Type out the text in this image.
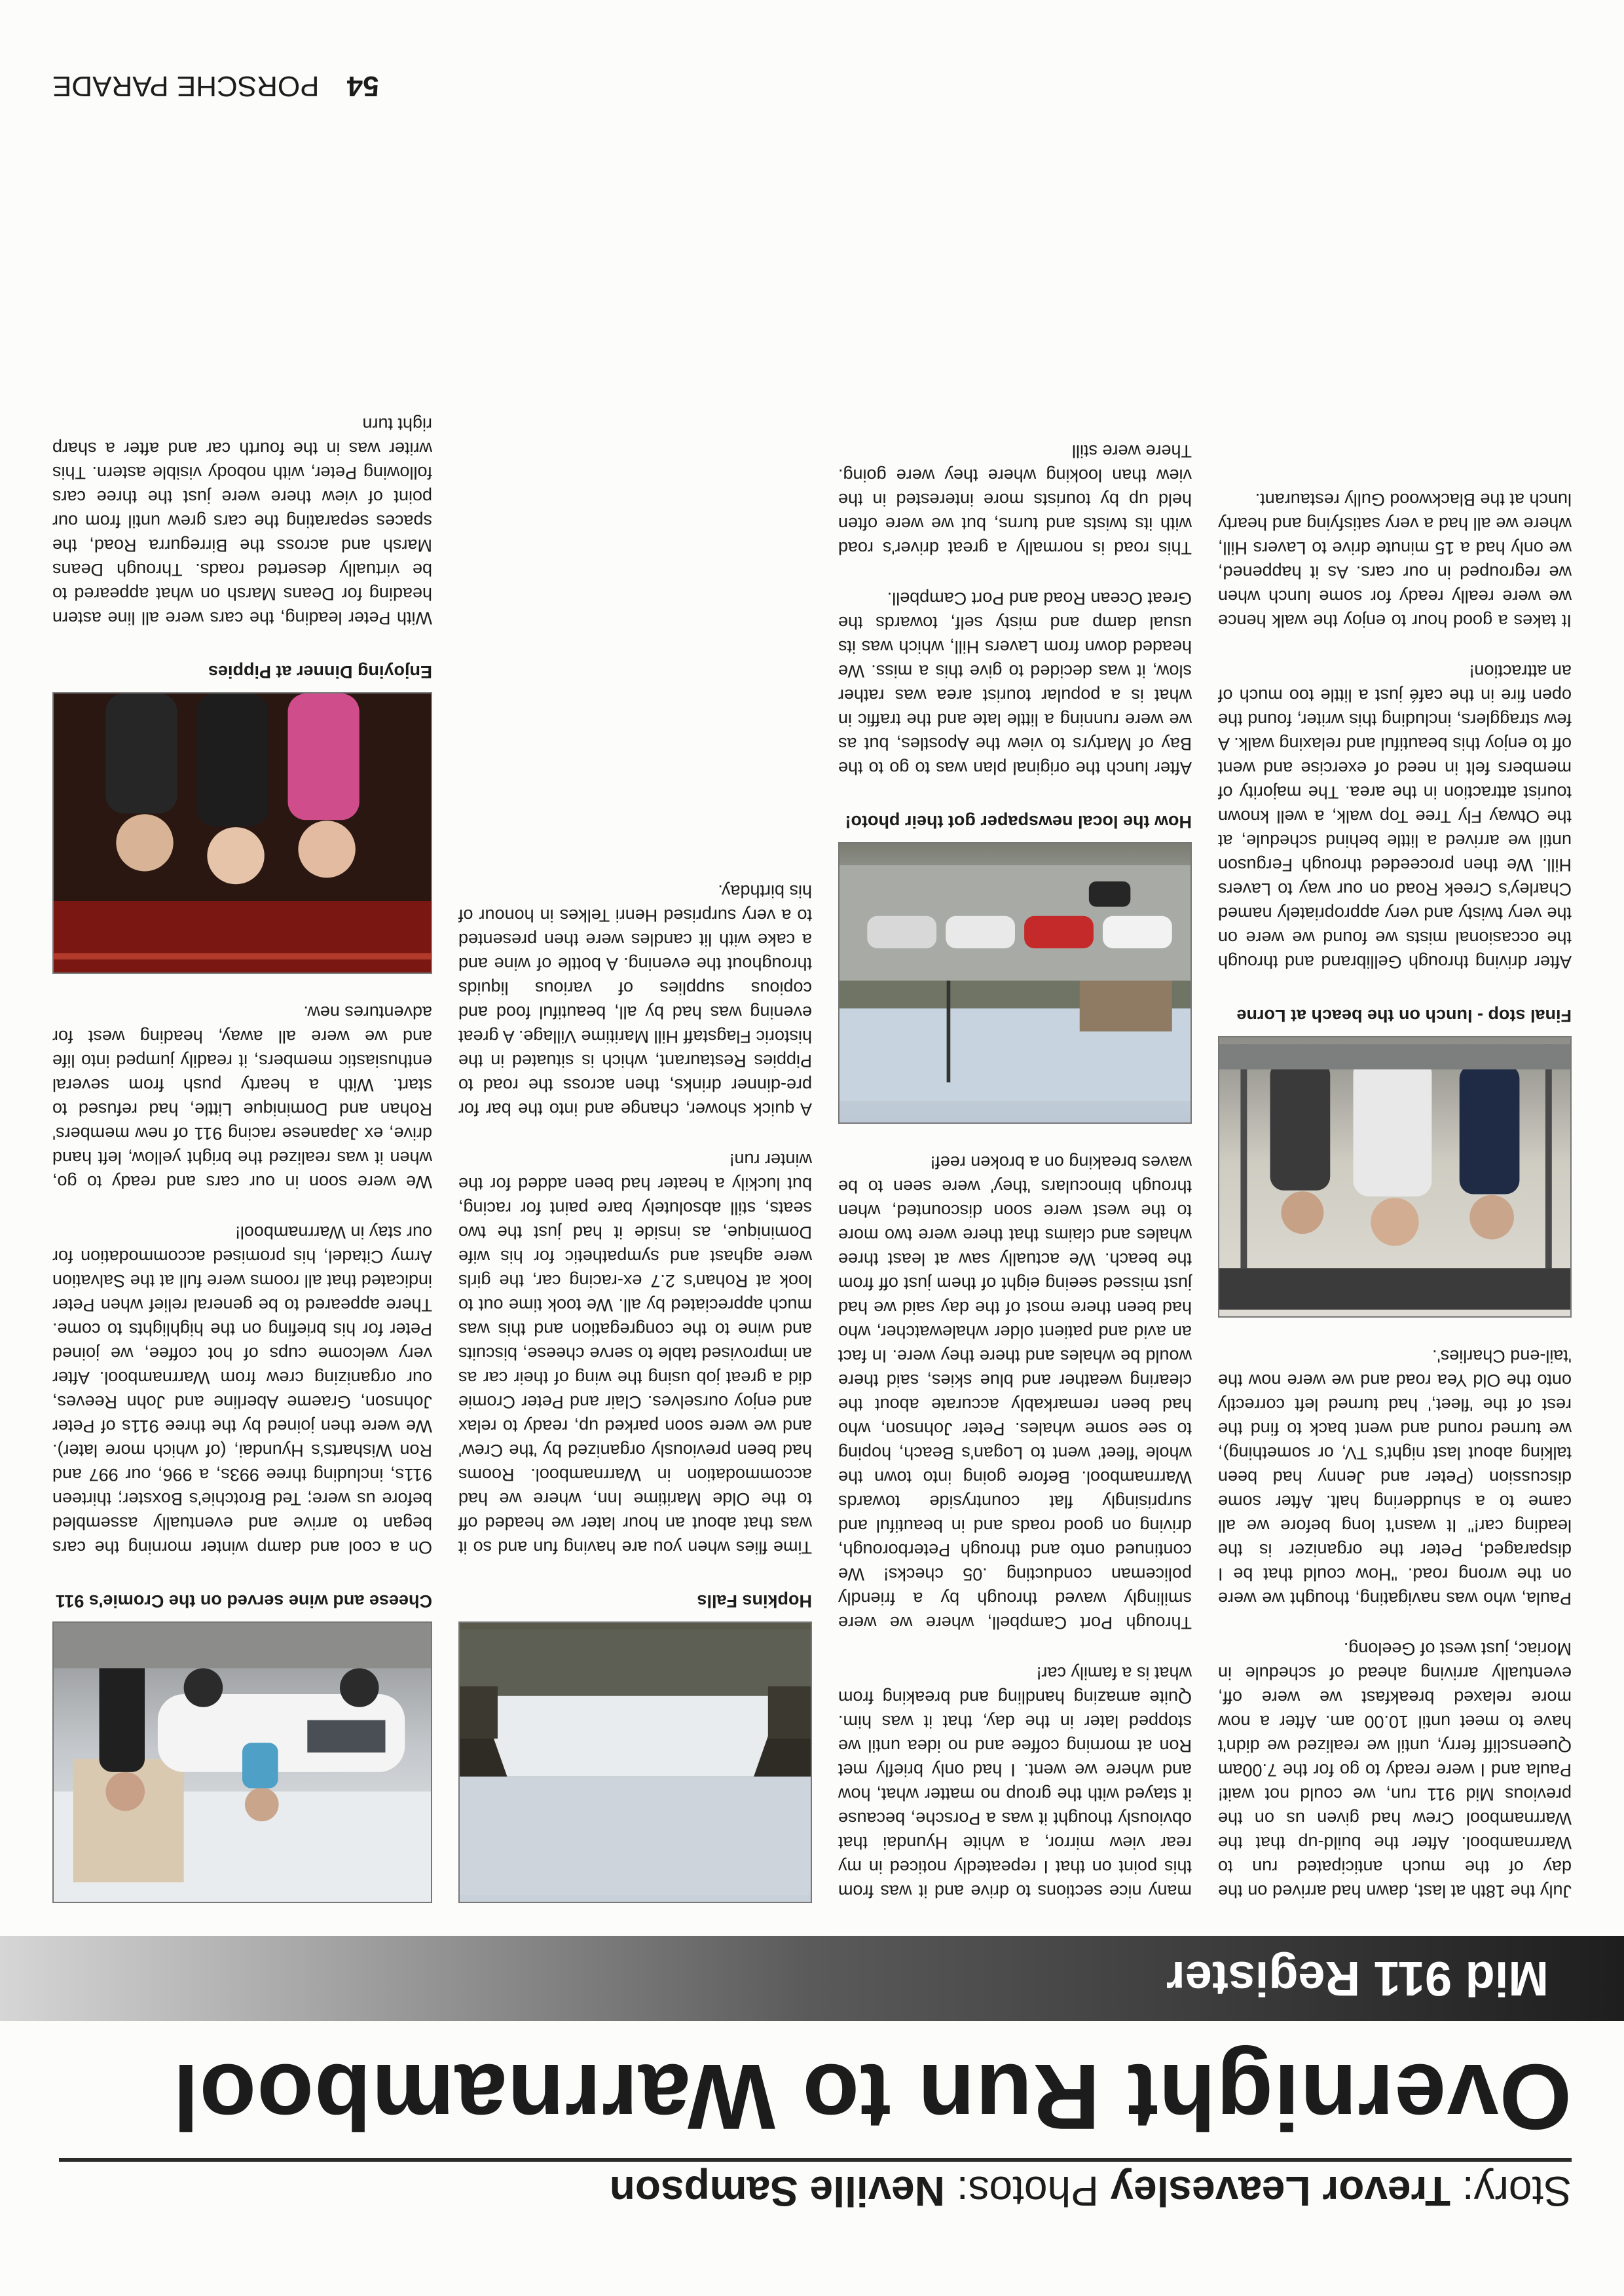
Story: Trevor Leavesley Photos: Neville Sampson
Overnight Run to Warrnambool
Mid 911 Register

July the 18th at last, dawn had arrived on the day of the much anticipated run to Warrnambool. After the build-up that the Warrnambool Crew had given us on the previous Mid 911 run, we could not wait! Paula and I were ready to go for the 7.00am Queenscliff ferry, until we realized we didn't have to meet until 10.00 am. After a now more relaxed breakfast we were off, eventually arriving ahead of schedule in Moriac, just west of Geelong.

Paula, who was navigating, thought we were on the wrong road. "How could that be I disparaged, Peter the organizer is the leading car!" It wasn't long before we all came to a shuddering halt. After some discussion (Peter and Jenny had been talking about last night's TV, or something), we turned round and went back to find the rest of the 'fleet,' had turned left correctly onto the Old Yea road and we were now the 'tail-end Charlies'.

Final stop - lunch on the beach at Lorne

After driving through Gellibrand and through the occasional mists we found we were on the very twisty and very appropriately named Charley's Creek Road on our way to Lavers Hill. We then proceeded through Ferguson until we arrived a little behind schedule, at the Otway Fly Tree Top walk, a well known tourist attraction in the area. The majority of members felt in need of exercise and went off to enjoy this beautiful and relaxing walk. A few stragglers, including this writer, found the open fire in the café just a little too much of an attraction!

It takes a good hour to enjoy the walk hence we were really ready for some lunch when we regrouped in our cars. As it happened, we only had a 15 minute drive to Lavers Hill, where we all had a very satisfying and hearty lunch at the Blackwood Gully restaurant.

many nice sections to drive and it was from this point on that I repeatedly noticed in my rear view mirror, a white Hyundai that obviously thought it was a Porsche, because it stayed with the group no matter what, how and where we went. I had only briefly met Ron at morning coffee and no idea until we stopped later in the day, that it was him. Quite amazing handling and breaking from what is a family car!

Through Port Campbell, where we were smilingly waved through by a friendly policeman conducting .05 checks! We continued onto and through Peterborough, driving on good roads and in beautiful and surprisingly flat countryside towards Warrnambool. Before going into town the whole 'fleet' went to Logan's Beach, hoping to see some whales. Peter Johnson, who had been remarkably accurate about the clearing weather and blue skies, said there would be whales and there they were. In fact an avid and patient older whalewatcher, who had been there most of the day said we had just missed seeing eight of them just off from the beach. We actually saw at least three whales and claims that there were two more to the west were soon discounted, when through binoculars 'they' were seen to be waves breaking on a broken reef!

How the local newspaper got their photo!

After lunch the original plan was to go to the Bay of Martyrs to view the Apostles, but as we were running a little late and the traffic in what is a popular tourist area was rather slow, it was decided to give this a miss. We headed down from Lavers Hill, which was its usual damp and misty self, towards the Great Ocean Road and Port Campbell.

This road is normally a great driver's road with its twists and turns, but we were often held up by tourists more interested in the view than looking where they were going. There were still

Hopkins Falls

Time flies when you are having fun and so it was that about an hour later we headed off to the Olde Maritime Inn, where we had accommodation in Warrnambool. Rooms had been previously organized by 'the Crew' and we were soon parked up, ready to relax and enjoy ourselves. Clair and Peter Cromie did a great job using the wing of their car as an improvised table to serve cheese, biscuits and wine to the congregation and this was much appreciated by all. We took time out to look at Rohan's 2.7 ex-racing car, the girls were aghast and sympathetic for his wife Dominique, as inside it had just the two seats, still absolutely bare paint for racing, but luckily a heater had been added for the winter run!

A quick shower, change and into the bar for pre-dinner drinks, then across the road to Pippies Restaurant, which is situated in the historic Flagstaff Hill Maritime Village. A great evening was had by all, beautiful food and copious supplies of various liquids throughout the evening. A bottle of wine and a cake with lit candles were then presented to a very surprised Henri Telkes in honour of his birthday.

54 PORSCHE PARADE
Cheese and wine served on the Cromie's 911

On a cool and damp winter morning the cars began to arrive and eventually assembled before us were; Ted Brotchie's Boxster; thirteen 911s, including three 993s, a 996, our 997 and Ron Wisharts's Hyundai, (of which more later). We were then joined by the three 911s of Peter Johnson, Graeme Aberline and John Reeves, our organizing crew from Warrnambool. After very welcome cups of hot coffee, we joined Peter for his briefing on the highlights to come. There appeared to be general relief when Peter indicated that all rooms were full at the Salvation Army Citadel, his promised accommodation for our stay in Warrnambool!

We were soon in our cars and ready to go, when it was realized the bright yellow, left hand drive, ex Japanese racing 911 of new members' Rohan and Dominique Little, had refused to start. With a hearty push from several enthusiastic members, it readily jumped into life and we were all away, heading west for adventures new.

Enjoying Dinner at Pippies

With Peter leading, the cars were all line astern heading for Deans Marsh on what appeared to be virtually deserted roads. Through Deans Marsh and across the Birregurra Road, the spaces separating the cars grew until from our point of view there were just the three cars following Peter, with nobody visible astern. This writer was in the fourth car and after a sharp right turn
